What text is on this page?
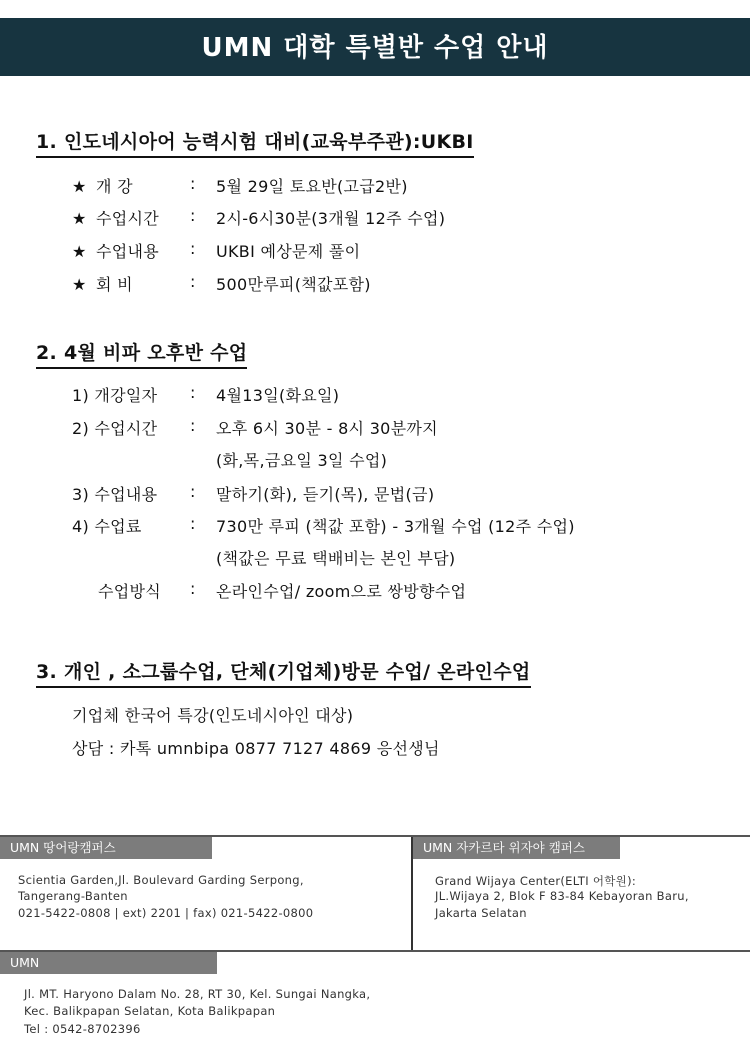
UMN 대학 특별반 수업 안내
1. 인도네시아어 능력시험 대비(교육부주관):UKBI
★ 개 강	: 5월 29일 토요반(고급2반)
★ 수업시간 : 2시-6시30분(3개월 12주 수업)
★ 수업내용 : UKBI 예상문제 풀이
★ 회 비	: 500만루피(책값포함)
2. 4월 비파 오후반 수업
1) 개강일자 : 4월13일(화요일)
2) 수업시간 : 오후 6시 30분 - 8시 30분까지
(화,목,금요일 3일 수업)
3) 수업내용 : 말하기(화), 듣기(목), 문법(금)
4) 수업료	: 730만 루피 (책값 포함) - 3개월 수업 (12주 수업)
(책값은 무료 택배비는 본인 부담)
수업방식 : 온라인수업/ zoom으로 쌍방향수업
3. 개인 , 소그룹수업, 단체(기업체)방문 수업/ 온라인수업
기업체 한국어 특강(인도네시아인 대상)
상담 : 카톡 umnbipa 0877 7127 4869 응선생님
UMN 땅어랑캠퍼스
Scientia Garden,Jl. Boulevard Garding Serpong,
Tangerang-Banten
021-5422-0808 | ext) 2201 | fax) 021-5422-0800
UMN 자카르타 위자야 캠퍼스
Grand Wijaya Center(ELTI 어학원):
JL.Wijaya 2, Blok F 83-84 Kebayoran Baru,
Jakarta Selatan
UMN
Jl. MT. Haryono Dalam No. 28, RT 30, Kel. Sungai Nangka,
Kec. Balikpapan Selatan, Kota Balikpapan
Tel : 0542-8702396
